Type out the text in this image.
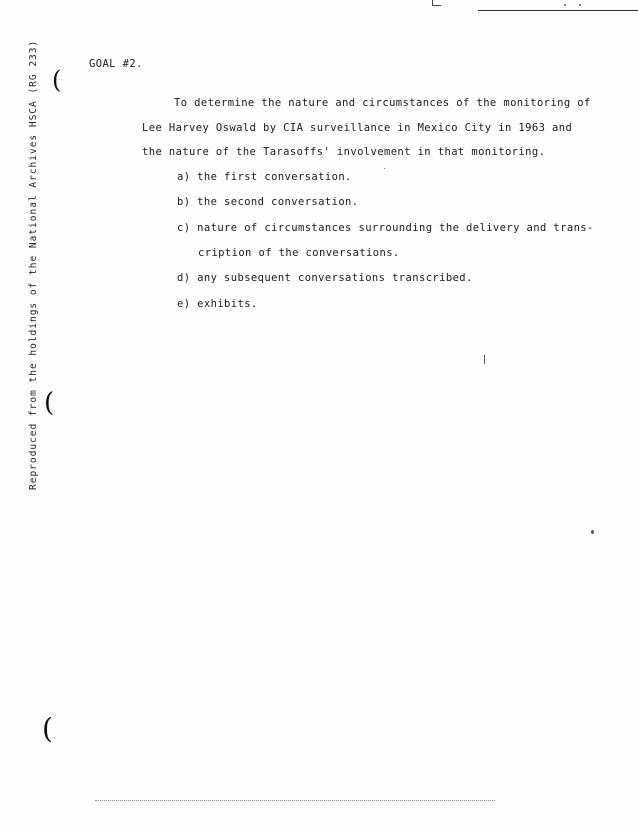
Reproduced from the holdings of the National Archives HSCA (RG 233) (
(
(
GOAL #2.
To determine the nature and circumstances of the monitoring of
Lee Harvey Oswald by CIA surveillance in Mexico City in 1963 and
the nature of the Tarasoffs' involvement in that monitoring.
a) the first conversation.
b) the second conversation.
c) nature of circumstances surrounding the delivery and trans-
cription of the conversations.
d) any subsequent conversations transcribed.
e) exhibits.
